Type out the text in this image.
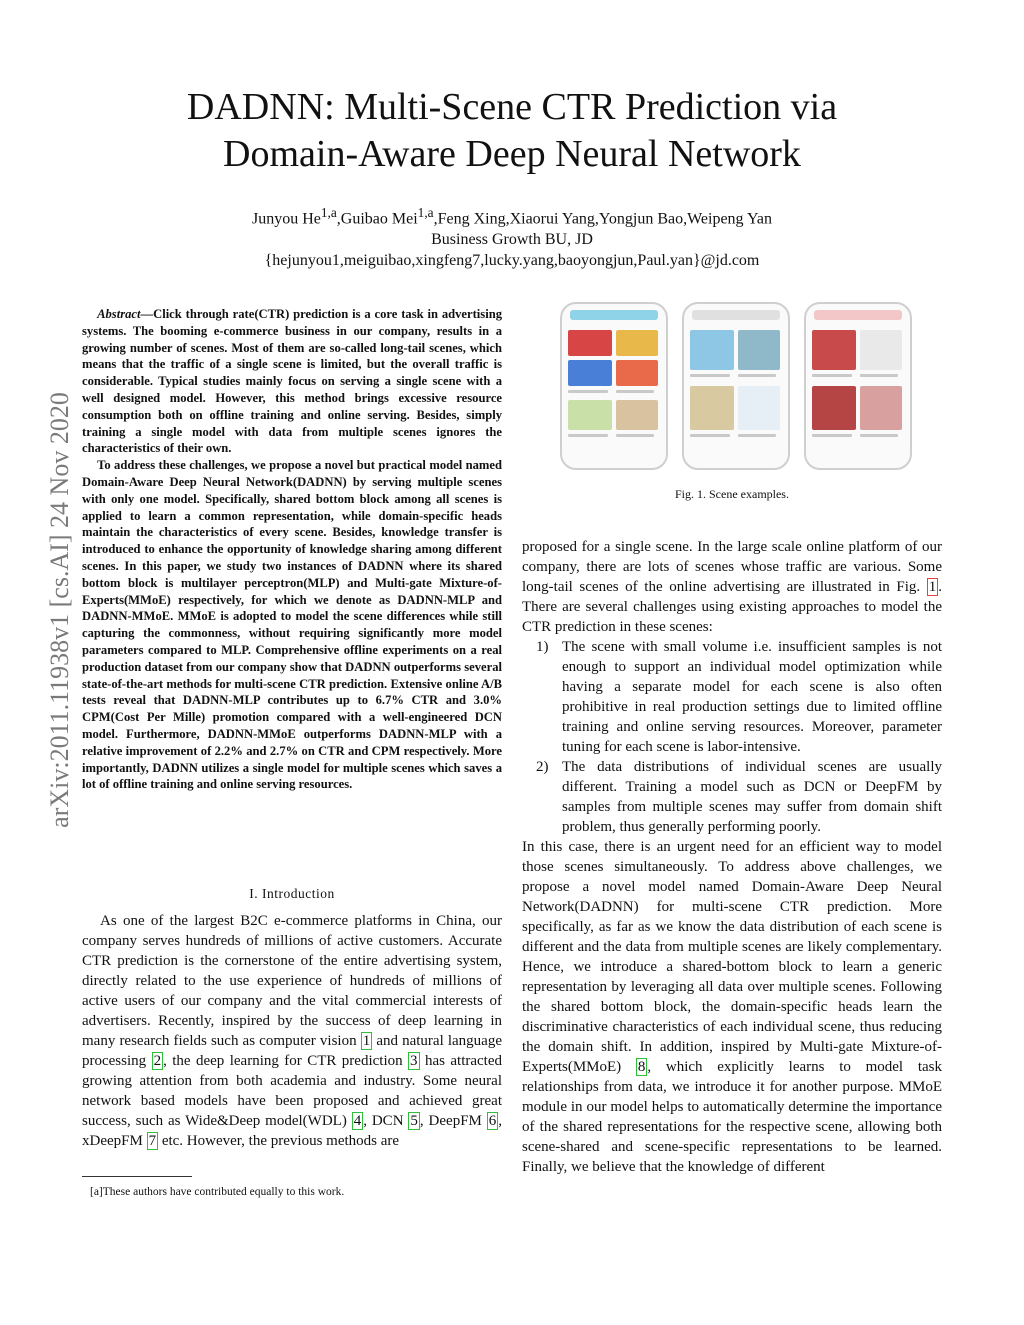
arXiv:2011.11938v1 [cs.AI] 24 Nov 2020
DADNN: Multi-Scene CTR Prediction via
Domain-Aware Deep Neural Network
Junyou He$^{1,a}$,Guibao Mei$^{1,a}$,Feng Xing,Xiaorui Yang,Yongjun Bao,Weipeng Yan
Business Growth BU, JD
{hejunyou1,meiguibao,xingfeng7,lucky.yang,baoyongjun,Paul.yan}@jd.com

Abstract—Click through rate(CTR) prediction is a core task in advertising systems. The booming e-commerce business in our company, results in a growing number of scenes. Most of them are so-called long-tail scenes, which means that the traffic of a single scene is limited, but the overall traffic is considerable. Typical studies mainly focus on serving a single scene with a well designed model. However, this method brings excessive resource consumption both on offline training and online serving. Besides, simply training a single model with data from multiple scenes ignores the characteristics of their own.

To address these challenges, we propose a novel but practical model named Domain-Aware Deep Neural Network(DADNN) by serving multiple scenes with only one model. Specifically, shared bottom block among all scenes is applied to learn a common representation, while domain-specific heads maintain the characteristics of every scene. Besides, knowledge transfer is introduced to enhance the opportunity of knowledge sharing among different scenes. In this paper, we study two instances of DADNN where its shared bottom block is multilayer perceptron(MLP) and Multi-gate Mixture-of-Experts(MMoE) respectively, for which we denote as DADNN-MLP and DADNN-MMoE. MMoE is adopted to model the scene differences while still capturing the commonness, without requiring significantly more model parameters compared to MLP. Comprehensive offline experiments on a real production dataset from our company show that DADNN outperforms several state-of-the-art methods for multi-scene CTR prediction. Extensive online A/B tests reveal that DADNN-MLP contributes up to 6.7% CTR and 3.0% CPM(Cost Per Mille) promotion compared with a well-engineered DCN model. Furthermore, DADNN-MMoE outperforms DADNN-MLP with a relative improvement of 2.2% and 2.7% on CTR and CPM respectively. More importantly, DADNN utilizes a single model for multiple scenes which saves a lot of offline training and online serving resources.

I. Introduction

As one of the largest B2C e-commerce platforms in China, our company serves hundreds of millions of active customers. Accurate CTR prediction is the cornerstone of the entire advertising system, directly related to the use experience of hundreds of millions of active users of our company and the vital commercial interests of advertisers. Recently, inspired by the success of deep learning in many research fields such as computer vision 1 and natural language processing 2 , the deep learning for CTR prediction 3 has attracted growing attention from both academia and industry. Some neural network based models have been proposed and achieved great success, such as Wide&Deep model(WDL) 4 , DCN 5 , DeepFM 6 , xDeepFM 7 etc. However, the previous methods are

[a]These authors have contributed equally to this work.
Fig. 1. Scene examples.

proposed for a single scene. In the large scale online platform of our company, there are lots of scenes whose traffic are various. Some long-tail scenes of the online advertising are illustrated in Fig. 1 . There are several challenges using existing approaches to model the CTR prediction in these scenes:

1) The scene with small volume i.e. insufficient samples is not enough to support an individual model optimization while having a separate model for each scene is also often prohibitive in real production settings due to limited offline training and online serving resources. Moreover, parameter tuning for each scene is labor-intensive.
2) The data distributions of individual scenes are usually different. Training a model such as DCN or DeepFM by samples from multiple scenes may suffer from domain shift problem, thus generally performing poorly.

In this case, there is an urgent need for an efficient way to model those scenes simultaneously. To address above challenges, we propose a novel model named Domain-Aware Deep Neural Network(DADNN) for multi-scene CTR prediction. More specifically, as far as we know the data distribution of each scene is different and the data from multiple scenes are likely complementary. Hence, we introduce a shared-bottom block to learn a generic representation by leveraging all data over multiple scenes. Following the shared bottom block, the domain-specific heads learn the discriminative characteristics of each individual scene, thus reducing the domain shift. In addition, inspired by Multi-gate Mixture-of-Experts(MMoE) 8 , which explicitly learns to model task relationships from data, we introduce it for another purpose. MMoE module in our model helps to automatically determine the importance of the shared representations for the respective scene, allowing both scene-shared and scene-specific representations to be learned. Finally, we believe that the knowledge of different
